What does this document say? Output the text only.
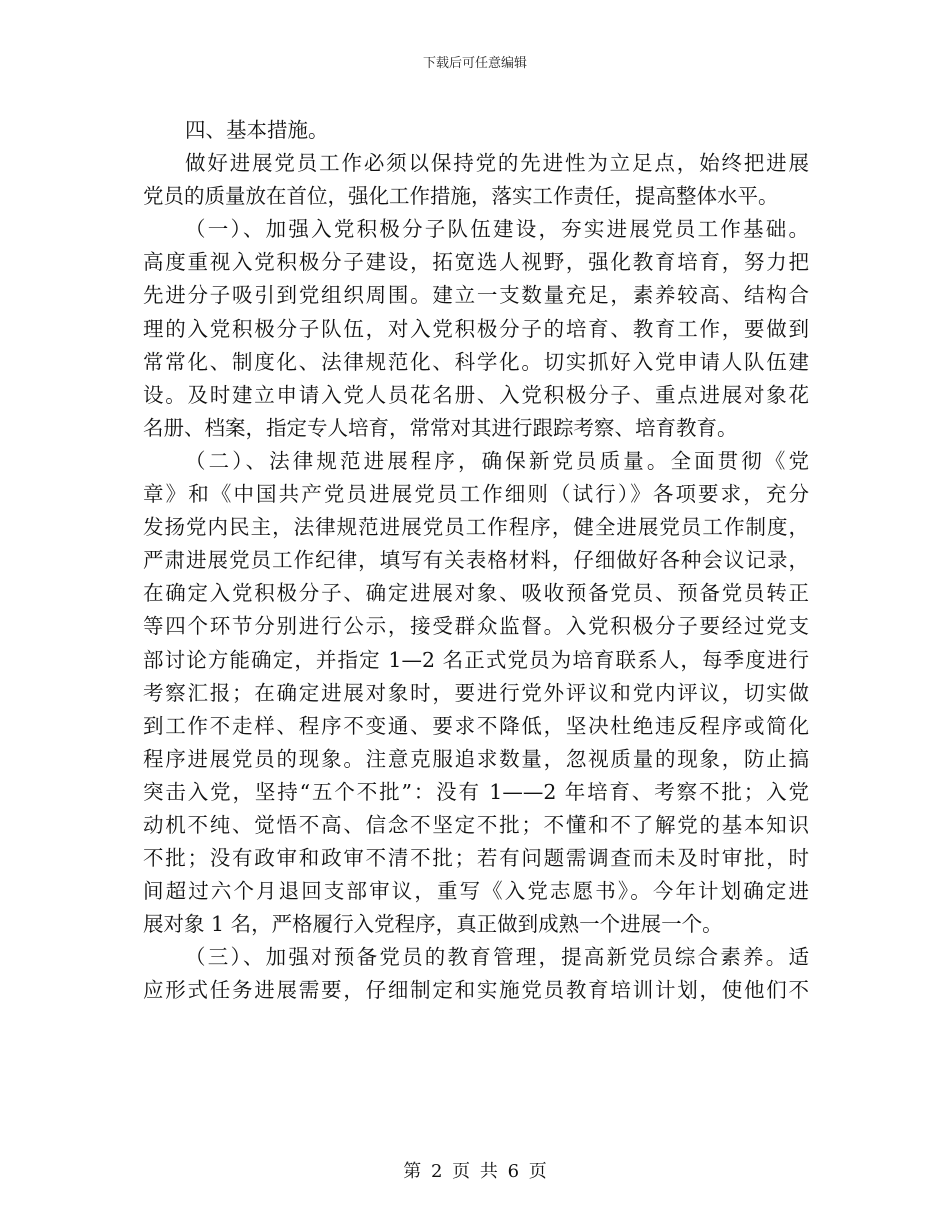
下载后可任意编辑
四、基本措施。
做好进展党员工作必须以保持党的先进性为立足点，始终把进展
党员的质量放在首位，强化工作措施，落实工作责任，提高整体水平。
（一）、加强入党积极分子队伍建设，夯实进展党员工作基础。
高度重视入党积极分子建设，拓宽选人视野，强化教育培育，努力把
先进分子吸引到党组织周围。建立一支数量充足，素养较高、结构合
理的入党积极分子队伍，对入党积极分子的培育、教育工作，要做到
常常化、制度化、法律规范化、科学化。切实抓好入党申请人队伍建
设。及时建立申请入党人员花名册、入党积极分子、重点进展对象花
名册、档案，指定专人培育，常常对其进行跟踪考察、培育教育。
（二）、法律规范进展程序，确保新党员质量。全面贯彻《党
章》和《中国共产党员进展党员工作细则（试行）》各项要求，充分
发扬党内民主，法律规范进展党员工作程序，健全进展党员工作制度，
严肃进展党员工作纪律，填写有关表格材料，仔细做好各种会议记录，
在确定入党积极分子、确定进展对象、吸收预备党员、预备党员转正
等四个环节分别进行公示，接受群众监督。入党积极分子要经过党支
部讨论方能确定，并指定 1—2 名正式党员为培育联系人，每季度进行
考察汇报；在确定进展对象时，要进行党外评议和党内评议，切实做
到工作不走样、程序不变通、要求不降低，坚决杜绝违反程序或简化
程序进展党员的现象。注意克服追求数量，忽视质量的现象，防止搞
突击入党，坚持“五个不批”：没有 1——2 年培育、考察不批；入党
动机不纯、觉悟不高、信念不坚定不批；不懂和不了解党的基本知识
不批；没有政审和政审不清不批；若有问题需调查而未及时审批，时
间超过六个月退回支部审议，重写《入党志愿书》。今年计划确定进
展对象 1 名，严格履行入党程序，真正做到成熟一个进展一个。
（三）、加强对预备党员的教育管理，提高新党员综合素养。适
应形式任务进展需要，仔细制定和实施党员教育培训计划，使他们不
第 2 页 共 6 页
